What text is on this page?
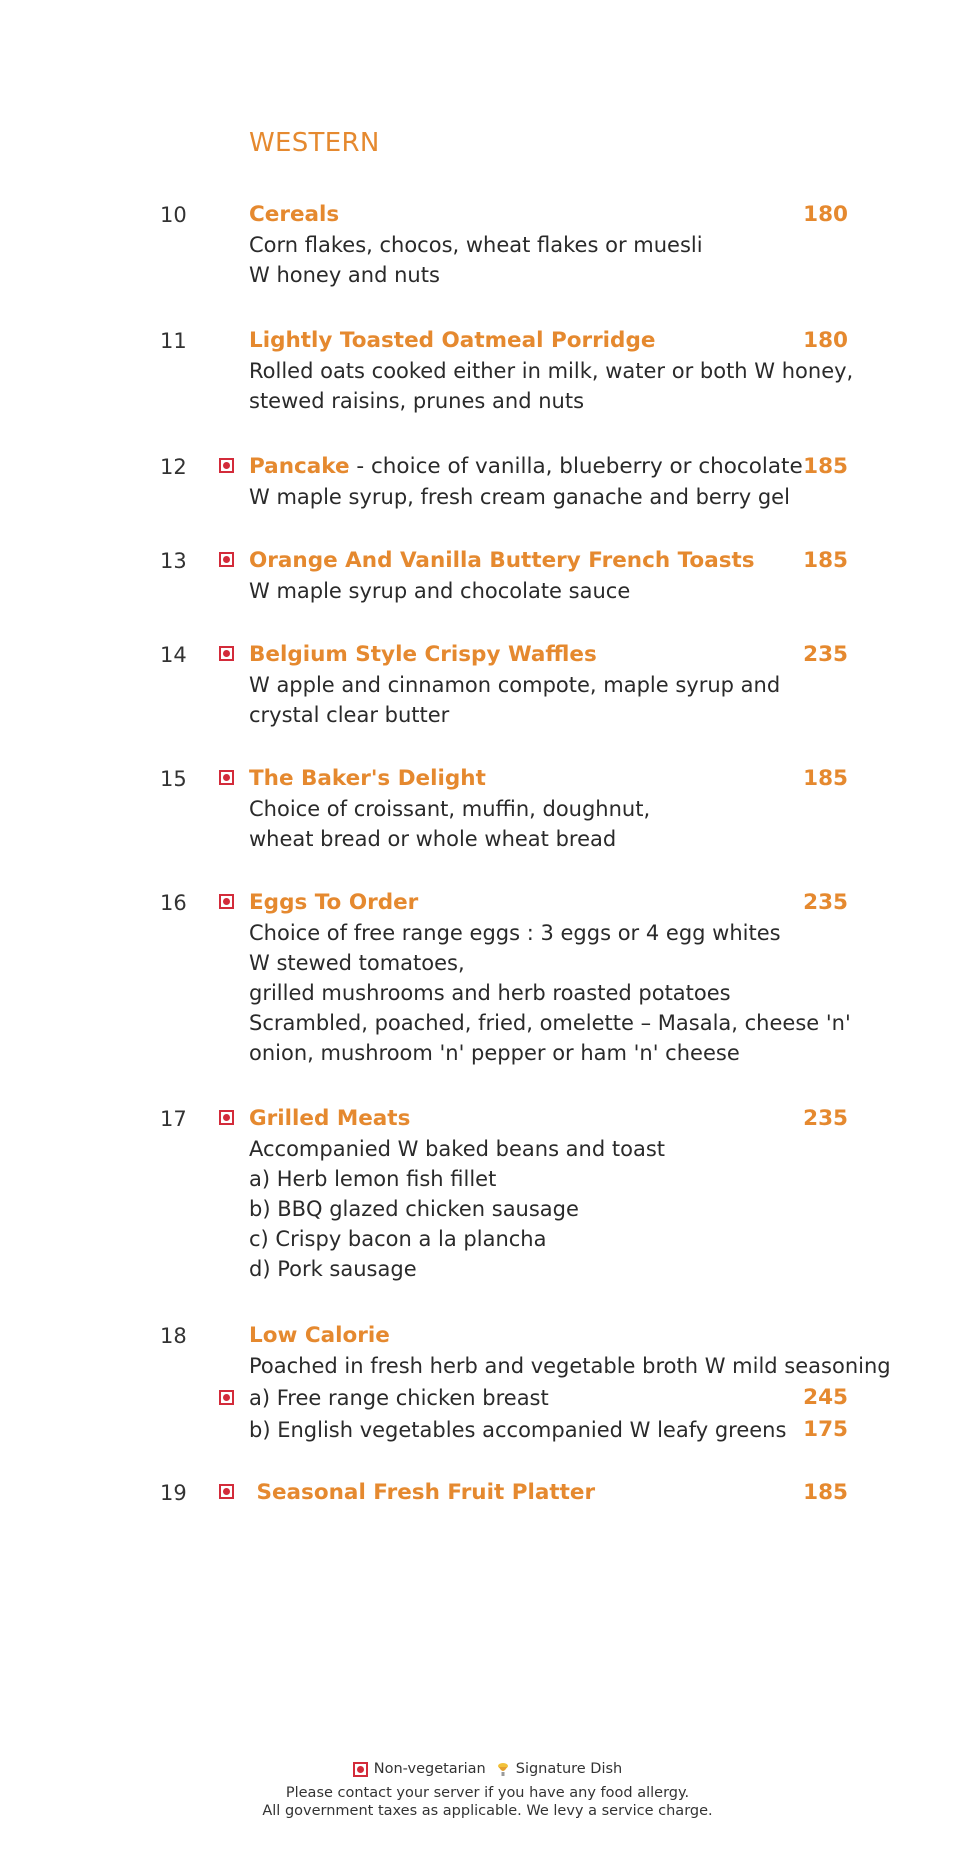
WESTERN
10	Cereals	180
Corn flakes, chocos, wheat flakes or muesli
W honey and nuts
11	Lightly Toasted Oatmeal Porridge	180
Rolled oats cooked either in milk, water or both W honey,
stewed raisins, prunes and nuts
12	Pancake - choice of vanilla, blueberry or chocolate 185
W maple syrup, fresh cream ganache and berry gel
13	Orange And Vanilla Buttery French Toasts 185
W maple syrup and chocolate sauce
14	Belgium Style Crispy Waffles	235
W apple and cinnamon compote, maple syrup and
crystal clear butter
15	The Baker's Delight	185
Choice of croissant, muffin, doughnut,
wheat bread or whole wheat bread
16	Eggs To Order	235
Choice of free range eggs : 3 eggs or 4 egg whites
W stewed tomatoes,
grilled mushrooms and herb roasted potatoes
Scrambled, poached, fried, omelette – Masala, cheese 'n'
onion, mushroom 'n' pepper or ham 'n' cheese
17	Grilled Meats	235
Accompanied W baked beans and toast
a) Herb lemon fish fillet
b) BBQ glazed chicken sausage
c) Crispy bacon a la plancha
d) Pork sausage
18	Low Calorie
Poached in fresh herb and vegetable broth W mild seasoning
a) Free range chicken breast	245
b) English vegetables accompanied W leafy greens 175
19	Seasonal Fresh Fruit Platter	185
Non-vegetarian Signature Dish
Please contact your server if you have any food allergy.
All government taxes as applicable. We levy a service charge.
